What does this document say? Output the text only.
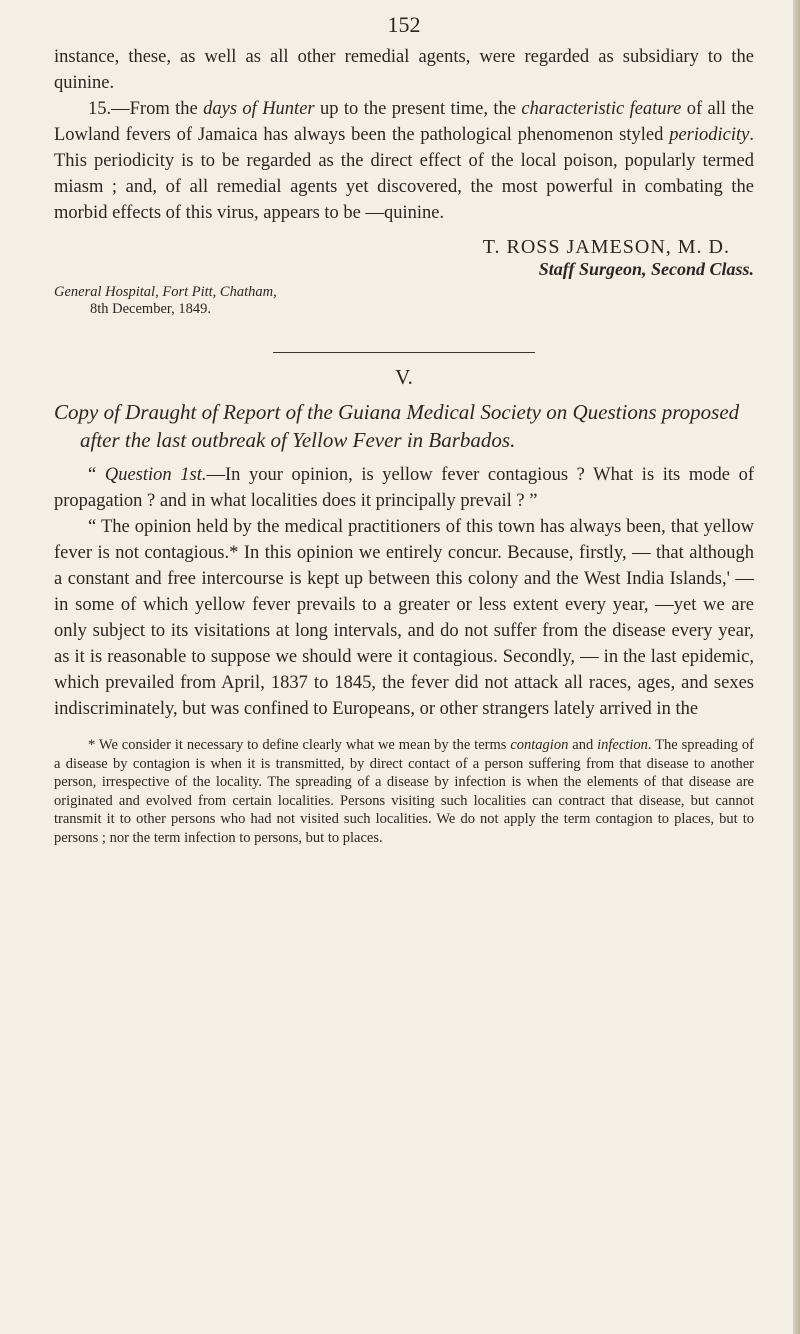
152

instance, these, as well as all other remedial agents, were regarded as subsidiary to the quinine.

15.—From the days of Hunter up to the present time, the characteristic feature of all the Lowland fevers of Jamaica has always been the pathological phenomenon styled periodicity. This periodicity is to be regarded as the direct effect of the local poison, popularly termed miasm ; and, of all remedial agents yet discovered, the most powerful in combating the morbid effects of this virus, appears to be —quinine.

T. ROSS JAMESON, M. D.
Staff Surgeon, Second Class.
General Hospital, Fort Pitt, Chatham,
8th December, 1849.
V.

Copy of Draught of Report of the Guiana Medical Society on Questions proposed after the last outbreak of Yellow Fever in Barbados.

“ Question 1st.—In your opinion, is yellow fever contagious ? What is its mode of propagation ? and in what localities does it principally prevail ? ”

“ The opinion held by the medical practitioners of this town has always been, that yellow fever is not contagious.* In this opinion we entirely concur. Because, firstly, — that although a constant and free intercourse is kept up between this colony and the West India Islands,' — in some of which yellow fever prevails to a greater or less extent every year, —yet we are only subject to its visitations at long intervals, and do not suffer from the disease every year, as it is reasonable to suppose we should were it contagious. Secondly, — in the last epidemic, which prevailed from April, 1837 to 1845, the fever did not attack all races, ages, and sexes indiscriminately, but was confined to Europeans, or other strangers lately arrived in the

* We consider it necessary to define clearly what we mean by the terms contagion and infection. The spreading of a disease by contagion is when it is transmitted, by direct contact of a person suffering from that disease to another person, irrespective of the locality. The spreading of a disease by infection is when the elements of that disease are originated and evolved from certain localities. Persons visiting such localities can contract that disease, but cannot transmit it to other persons who had not visited such localities. We do not apply the term contagion to places, but to persons ; nor the term infection to persons, but to places.
